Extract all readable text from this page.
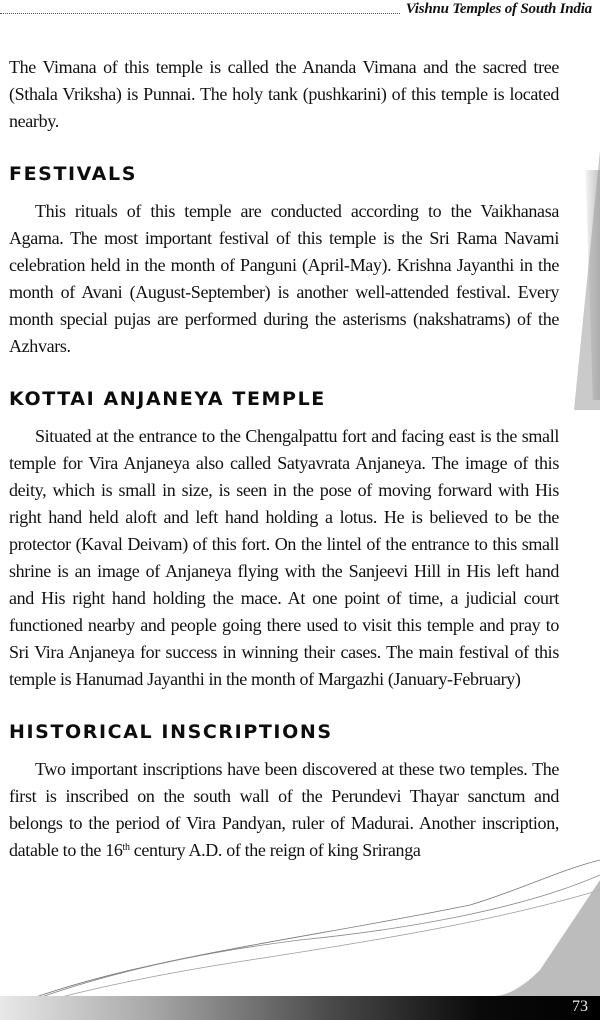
Vishnu Temples of South India

The Vimana of this temple is called the Ananda Vimana and the sacred tree (Sthala Vriksha) is Punnai. The holy tank (pushkarini) of this temple is located nearby.

FESTIVALS

This rituals of this temple are conducted according to the Vaikhanasa Agama. The most important festival of this temple is the Sri Rama Navami celebration held in the month of Panguni (April-May). Krishna Jayanthi in the month of Avani (August-September) is another well-attended festival. Every month special pujas are performed during the asterisms (nakshatrams) of the Azhvars.

KOTTAI ANJANEYA TEMPLE

Situated at the entrance to the Chengalpattu fort and facing east is the small temple for Vira Anjaneya also called Satyavrata Anjaneya. The image of this deity, which is small in size, is seen in the pose of moving forward with His right hand held aloft and left hand holding a lotus. He is believed to be the protector (Kaval Deivam) of this fort. On the lintel of the entrance to this small shrine is an image of Anjaneya flying with the Sanjeevi Hill in His left hand and His right hand holding the mace. At one point of time, a judicial court functioned nearby and people going there used to visit this temple and pray to Sri Vira Anjaneya for success in winning their cases. The main festival of this temple is Hanumad Jayanthi in the month of Margazhi (January-February)

HISTORICAL INSCRIPTIONS

Two important inscriptions have been discovered at these two temples. The first is inscribed on the south wall of the Perundevi Thayar sanctum and belongs to the period of Vira Pandyan, ruler of Madurai. Another inscription, datable to the 16th century A.D. of the reign of king Sriranga

73
